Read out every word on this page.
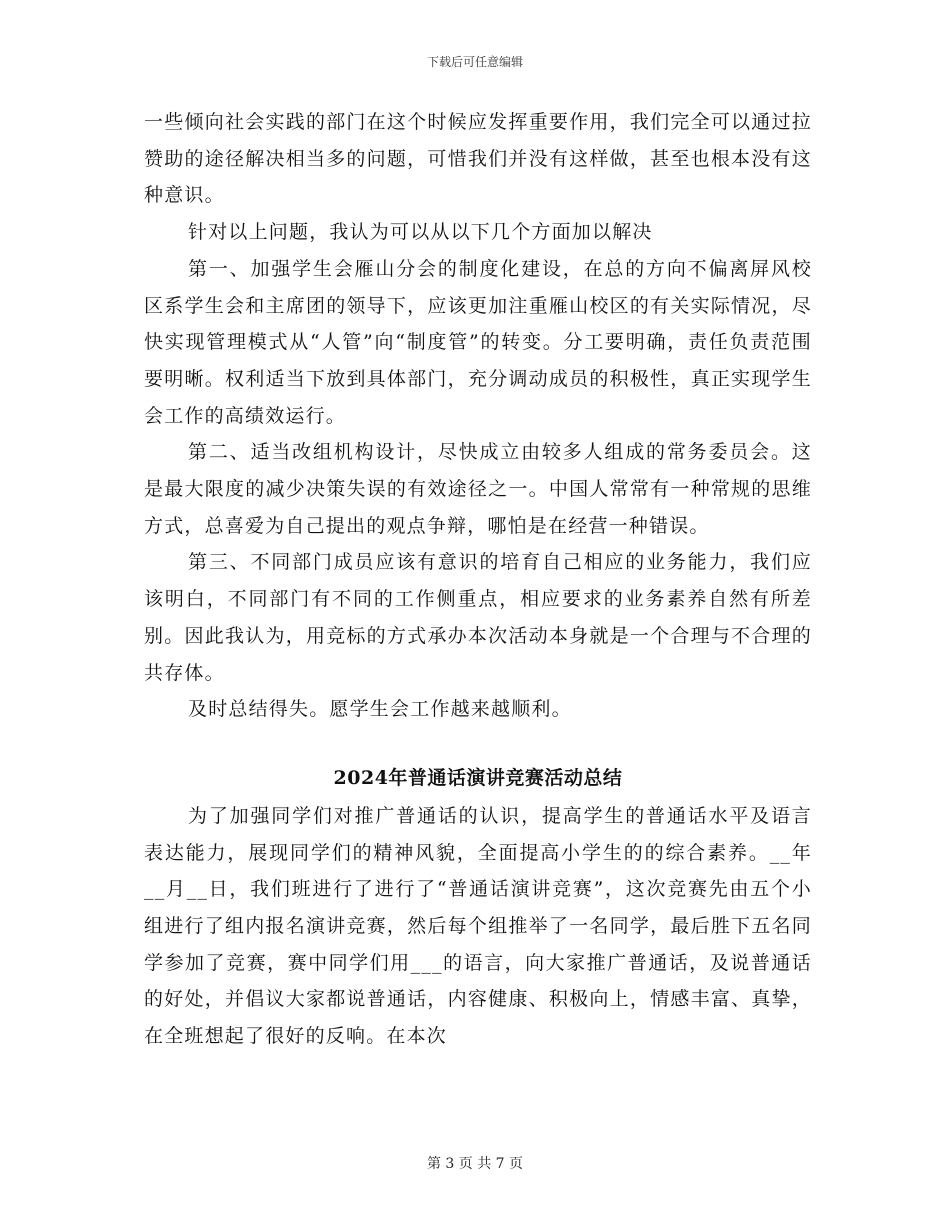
下载后可任意编辑

一些倾向社会实践的部门在这个时候应发挥重要作用，我们完全可以通过拉赞助的途径解决相当多的问题，可惜我们并没有这样做，甚至也根本没有这种意识。

针对以上问题，我认为可以从以下几个方面加以解决

第一、加强学生会雁山分会的制度化建设，在总的方向不偏离屏风校区系学生会和主席团的领导下，应该更加注重雁山校区的有关实际情况，尽快实现管理模式从“人管”向“制度管”的转变。分工要明确，责任负责范围要明晰。权利适当下放到具体部门，充分调动成员的积极性，真正实现学生会工作的高绩效运行。

第二、适当改组机构设计，尽快成立由较多人组成的常务委员会。这是最大限度的减少决策失误的有效途径之一。中国人常常有一种常规的思维方式，总喜爱为自己提出的观点争辩，哪怕是在经营一种错误。

第三、不同部门成员应该有意识的培育自己相应的业务能力，我们应该明白，不同部门有不同的工作侧重点，相应要求的业务素养自然有所差别。因此我认为，用竞标的方式承办本次活动本身就是一个合理与不合理的共存体。

及时总结得失。愿学生会工作越来越顺利。

2024年普通话演讲竞赛活动总结

为了加强同学们对推广普通话的认识，提高学生的普通话水平及语言表达能力，展现同学们的精神风貌，全面提高小学生的的综合素养。__年__月__日，我们班进行了进行了“普通话演讲竞赛”，这次竞赛先由五个小组进行了组内报名演讲竞赛，然后每个组推举了一名同学，最后胜下五名同学参加了竞赛，赛中同学们用___的语言，向大家推广普通话，及说普通话的好处，并倡议大家都说普通话，内容健康、积极向上，情感丰富、真挚，在全班想起了很好的反响。在本次

第 3 页 共 7 页
